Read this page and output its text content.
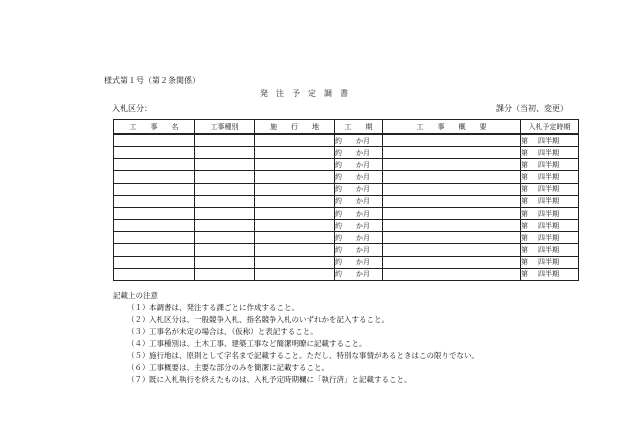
様式第１号（第２条関係）
発　注　予　定　調　書
入札区分：	課分（当初、変更）
工　　事　　名	工事種別	施　　行　　地	工　　期	工　　事　　概　　要	入札予定時期
			約 か月		第 四半期
			約 か月		第 四半期
			約 か月		第 四半期
			約 か月		第 四半期
			約 か月		第 四半期
			約 か月		第 四半期
			約 か月		第 四半期
			約 か月		第 四半期
			約 か月		第 四半期
			約 か月		第 四半期
			約 か月		第 四半期
			約 か月		第 四半期
記載上の注意
（１）本調書は、発注する課ごとに作成すること。
（２）入札区分は、一般競争入札、指名競争入札のいずれかを記入すること。
（３）工事名が未定の場合は、（仮称）と表記すること。
（４）工事種別は、土木工事、建築工事など簡潔明瞭に記載すること。
（５）施行地は、原則として字名まで記載すること。ただし、特別な事情があるときはこの限りでない。
（６）工事概要は、主要な部分のみを簡潔に記載すること。
（７）既に入札執行を終えたものは、入札予定時期欄に「執行済」と記載すること。
